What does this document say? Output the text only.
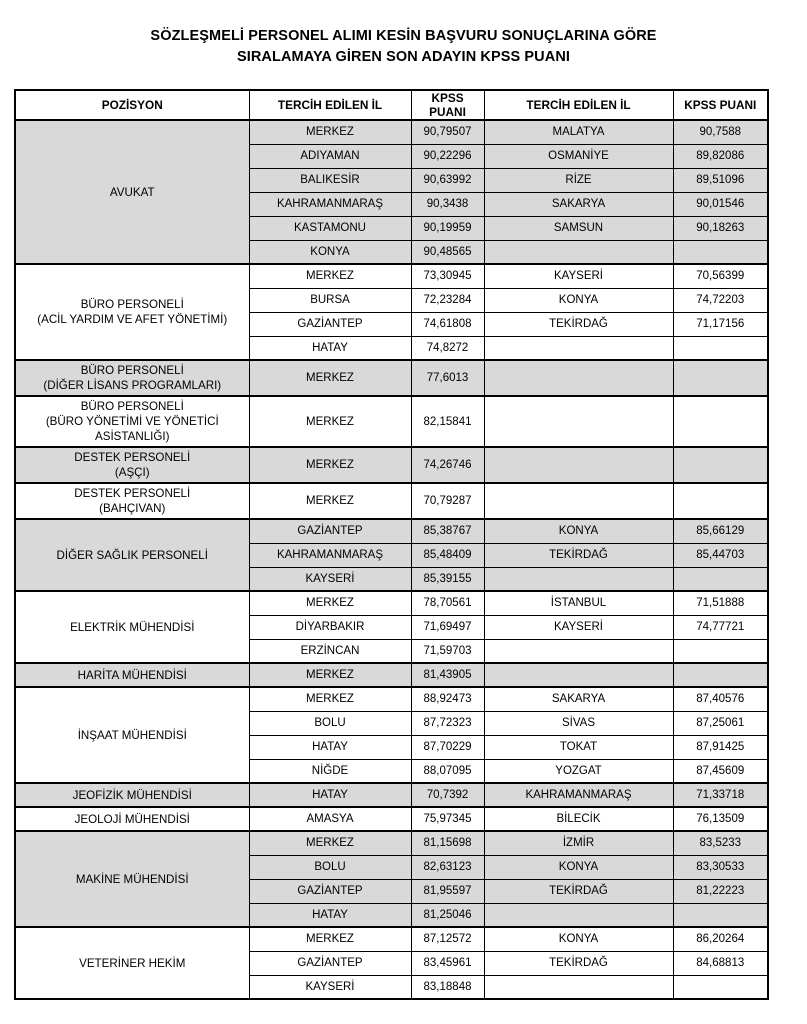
SÖZLEŞMELİ PERSONEL ALIMI KESİN BAŞVURU SONUÇLARINA GÖRE
SIRALAMAYA GİREN SON ADAYIN KPSS PUANI
POZİSYON	TERCİH EDİLEN İL	KPSS PUANI	TERCİH EDİLEN İL	KPSS PUANI

AVUKAT	MERKEZ	90,79507	MALATYA	90,7588
	ADIYAMAN	90,22296	OSMANİYE	89,82086
	BALIKESİR	90,63992	RİZE	89,51096
	KAHRAMANMARAŞ	90,3438	SAKARYA	90,01546
	KASTAMONU	90,19959	SAMSUN	90,18263
	KONYA	90,48565		

BÜRO PERSONELİ
(ACİL YARDIM VE AFET YÖNETİMİ)	MERKEZ	73,30945	KAYSERİ	70,56399
	BURSA	72,23284	KONYA	74,72203
	GAZİANTEP	74,61808	TEKİRDAĞ	71,17156
	HATAY	74,8272		

BÜRO PERSONELİ
(DİĞER LİSANS PROGRAMLARI)	MERKEZ	77,6013		

BÜRO PERSONELİ
(BÜRO YÖNETİMİ VE YÖNETİCİ
ASİSTANLIĞI)	MERKEZ	82,15841		

DESTEK PERSONELİ
(AŞÇI)	MERKEZ	74,26746		

DESTEK PERSONELİ
(BAHÇIVAN)	MERKEZ	70,79287		

DİĞER SAĞLIK PERSONELİ	GAZİANTEP	85,38767	KONYA	85,66129
	KAHRAMANMARAŞ	85,48409	TEKİRDAĞ	85,44703
	KAYSERİ	85,39155		

ELEKTRİK MÜHENDİSİ	MERKEZ	78,70561	İSTANBUL	71,51888
	DİYARBAKIR	71,69497	KAYSERİ	74,77721
	ERZİNCAN	71,59703		

HARİTA MÜHENDİSİ	MERKEZ	81,43905		

İNŞAAT MÜHENDİSİ	MERKEZ	88,92473	SAKARYA	87,40576
	BOLU	87,72323	SİVAS	87,25061
	HATAY	87,70229	TOKAT	87,91425
	NİĞDE	88,07095	YOZGAT	87,45609

JEOFİZİK MÜHENDİSİ	HATAY	70,7392	KAHRAMANMARAŞ	71,33718

JEOLOJİ MÜHENDİSİ	AMASYA	75,97345	BİLECİK	76,13509

MAKİNE MÜHENDİSİ	MERKEZ	81,15698	İZMİR	83,5233
	BOLU	82,63123	KONYA	83,30533
	GAZİANTEP	81,95597	TEKİRDAĞ	81,22223
	HATAY	81,25046		

VETERİNER HEKİM	MERKEZ	87,12572	KONYA	86,20264
	GAZİANTEP	83,45961	TEKİRDAĞ	84,68813
	KAYSERİ	83,18848		
